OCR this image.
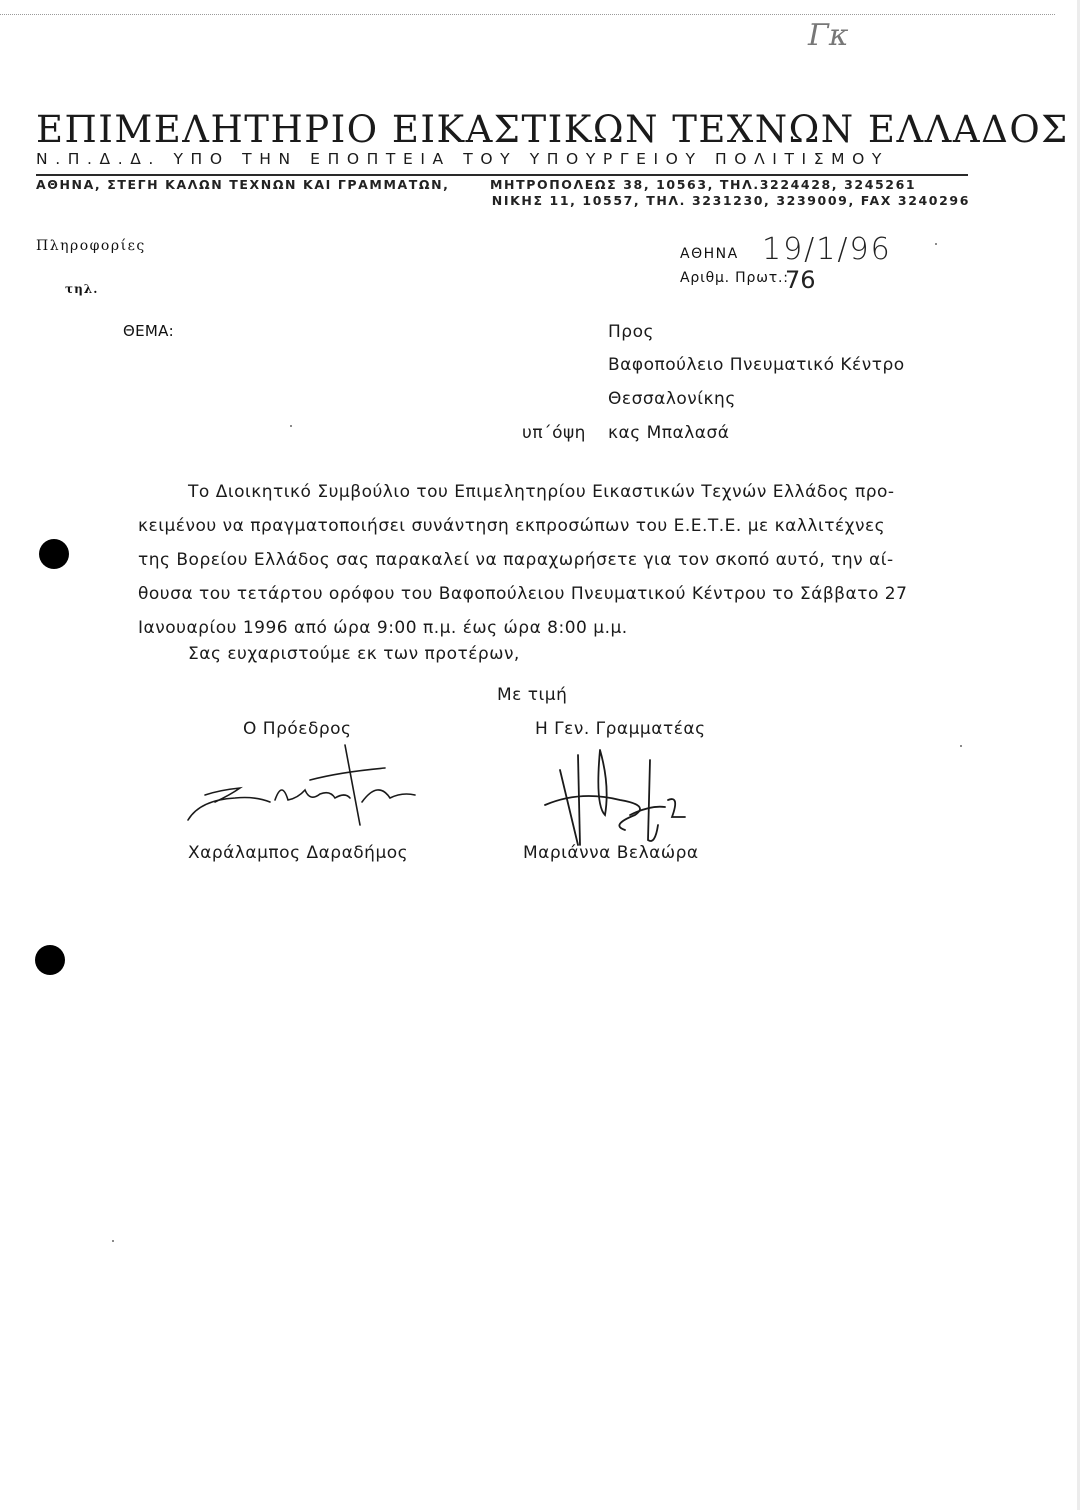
Γκ
ΕΠΙΜΕΛΗΤΗΡΙΟ ΕΙΚΑΣΤΙΚΩΝ ΤΕΧΝΩΝ ΕΛΛΑΔΟΣ
Ν.Π.Δ.Δ. ΥΠΟ ΤΗΝ ΕΠΟΠΤΕΙΑ ΤΟΥ ΥΠΟΥΡΓΕΙΟΥ ΠΟΛΙΤΙΣΜΟΥ
ΑΘΗΝΑ, ΣΤΕΓΗ ΚΑΛΩΝ ΤΕΧΝΩΝ ΚΑΙ ΓΡΑΜΜΑΤΩΝ,	ΜΗΤΡΟΠΟΛΕΩΣ 38, 10563, ΤΗΛ.3224428, 3245261
ΝΙΚΗΣ 11, 10557, ΤΗΛ. 3231230, 3239009, FAX 3240296
Πληροφορίες
τηλ.
ΑΘΗΝΑ 19/1/96
Αριθμ. Πρωτ.:
76
ΘΕΜΑ:	Προς
Βαφοπούλειο Πνευματικό Κέντρο
Θεσσαλονίκης
υπ΄όψη κας Μπαλασά
Το Διοικητικό Συμβούλιο του Επιμελητηρίου Εικαστικών Τεχνών Ελλάδος προ-
κειμένου να πραγματοποιήσει συνάντηση εκπροσώπων του Ε.Ε.Τ.Ε. με καλλιτέχνες
της Βορείου Ελλάδος σας παρακαλεί να παραχωρήσετε για τον σκοπό αυτό, την αί-
θουσα του τετάρτου ορόφου του Βαφοπούλειου Πνευματικού Κέντρου το Σάββατο 27
Ιανουαρίου 1996 από ώρα 9:00 π.μ. έως ώρα 8:00 μ.μ.
Σας ευχαριστούμε εκ των προτέρων,
Με τιμή
Ο Πρόεδρος	Η Γεν. Γραμματέας
Χαράλαμπος Δαραδήμος	Μαριάννα Βελαώρα
